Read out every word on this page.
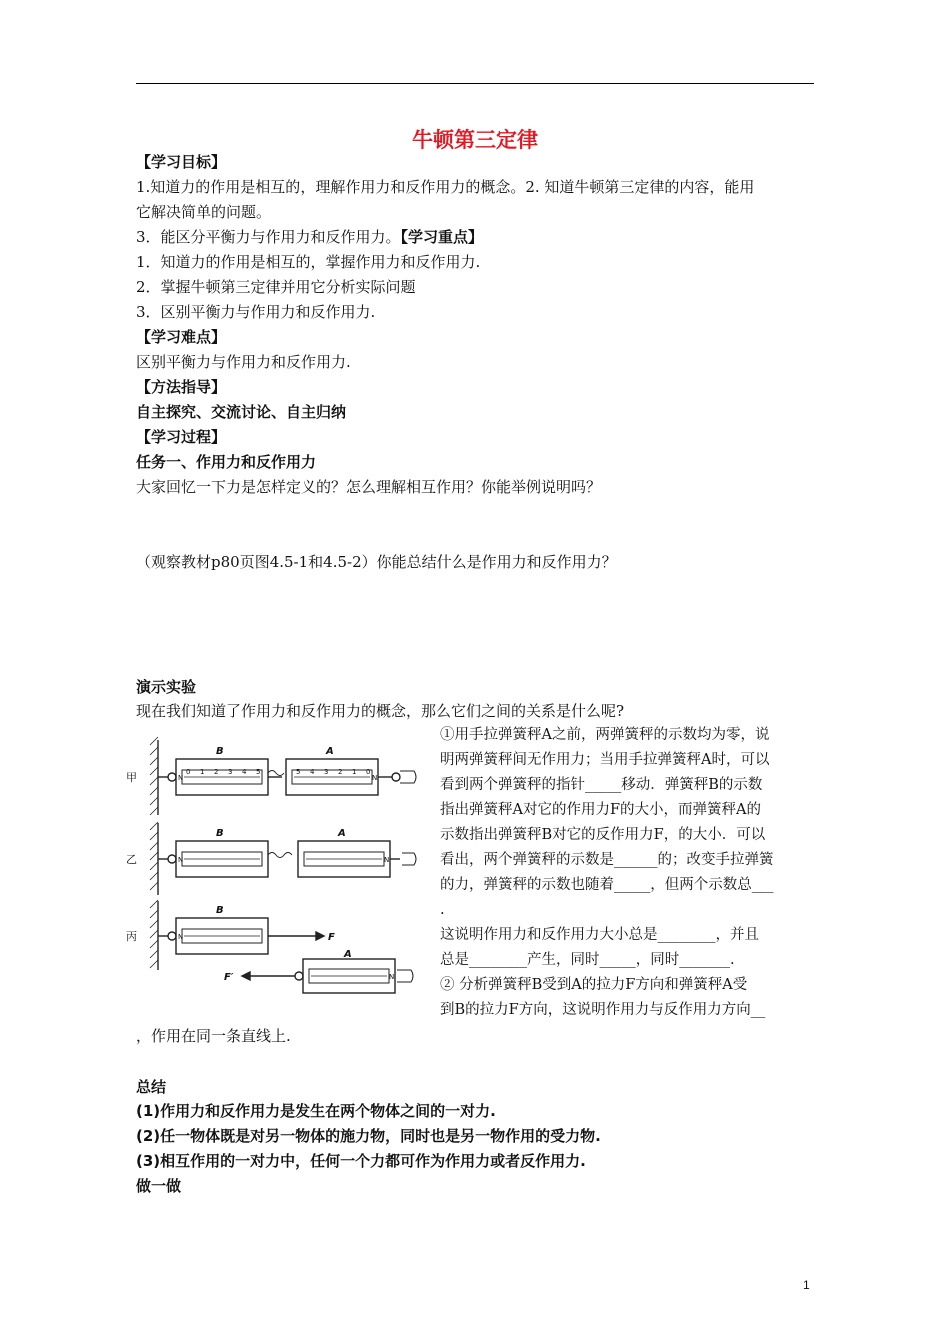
牛顿第三定律
【学习目标】
1.知道力的作用是相互的，理解作用力和反作用力的概念。2. 知道牛顿第三定律的内容，能用
它解决简单的问题。
3．能区分平衡力与作用力和反作用力。【学习重点】
1．知道力的作用是相互的，掌握作用力和反作用力.
2．掌握牛顿第三定律并用它分析实际问题
3．区别平衡力与作用力和反作用力.
【学习难点】
区别平衡力与作用力和反作用力.
【方法指导】
自主探究、交流讨论、自主归纳
【学习过程】
任务一、作用力和反作用力
大家回忆一下力是怎样定义的？怎么理解相互作用？你能举例说明吗？
（观察教材p80页图4.5-1和4.5-2）你能总结什么是作用力和反作用力？
演示实验
现在我们知道了作用力和反作用力的概念，那么它们之间的关系是什么呢?
①用手拉弹簧秤A之前，两弹簧秤的示数均为零，说
明两弹簧秤间无作用力；当用手拉弹簧秤A时，可以
看到两个弹簧秤的指针_____移动．弹簧秤B的示数
指出弹簧秤A对它的作用力F的大小，而弹簧秤A的
示数指出弹簧秤B对它的反作用力F，的大小．可以
看出，两个弹簧秤的示数是______的；改变手拉弹簧
的力，弹簧秤的示数也随着_____，但两个示数总___
.
这说明作用力和反作用力大小总是________，并且
总是________产生，同时_____，同时_______.
② 分析弹簧秤B受到A的拉力F方向和弹簧秤A受
到B的拉力F方向，这说明作用力与反作用力方向__
，作用在同一条直线上.
总结
(1)作用力和反作用力是发生在两个物体之间的一对力.
(2)任一物体既是对另一物体的施力物，同时也是另一物作用的受力物.
(3)相互作用的一对力中，任何一个力都可作为作用力或者反作用力.
做一做
甲
乙
丙
B	A
B	A
B
A
F
F′
N	N
N	N
N
N
0 1 2 3 4 5	5 4 3 2 1 0
1
